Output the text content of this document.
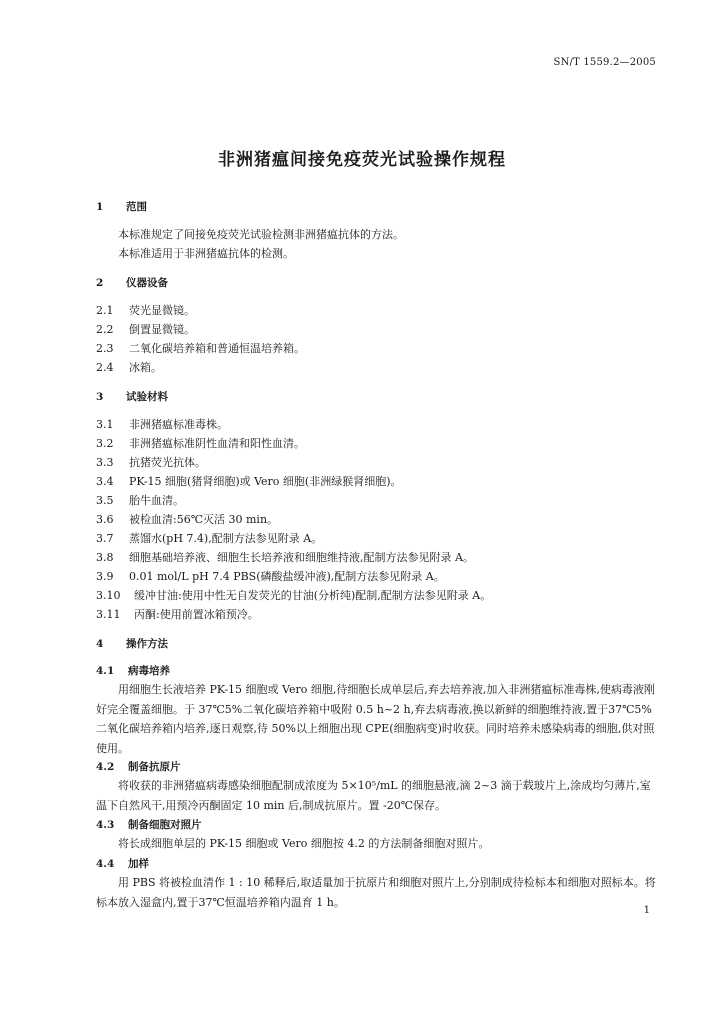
SN/T 1559.2—2005
非洲猪瘟间接免疫荧光试验操作规程
1 范围
本标准规定了间接免疫荧光试验检测非洲猪瘟抗体的方法。
本标准适用于非洲猪瘟抗体的检测。
2 仪器设备
2.1 荧光显微镜。
2.2 倒置显微镜。
2.3 二氧化碳培养箱和普通恒温培养箱。
2.4 冰箱。
3 试验材料
3.1 非洲猪瘟标准毒株。
3.2 非洲猪瘟标准阴性血清和阳性血清。
3.3 抗猪荧光抗体。
3.4 PK-15 细胞(猪肾细胞)或 Vero 细胞(非洲绿猴肾细胞)。
3.5 胎牛血清。
3.6 被检血清:56℃灭活 30 min。
3.7 蒸馏水(pH 7.4),配制方法参见附录 A。
3.8 细胞基础培养液、细胞生长培养液和细胞维持液,配制方法参见附录 A。
3.9 0.01 mol/L pH 7.4 PBS(磷酸盐缓冲液),配制方法参见附录 A。
3.10 缓冲甘油:使用中性无自发荧光的甘油(分析纯)配制,配制方法参见附录 A。
3.11 丙酮:使用前置冰箱预冷。
4 操作方法
4.1 病毒培养
用细胞生长液培养 PK-15 细胞或 Vero 细胞,待细胞长成单层后,弃去培养液,加入非洲猪瘟标准毒株,使病毒液刚好完全覆盖细胞。于 37℃5%二氧化碳培养箱中吸附 0.5 h~2 h,弃去病毒液,换以新鲜的细胞维持液,置于37℃5%二氧化碳培养箱内培养,逐日观察,待 50%以上细胞出现 CPE(细胞病变)时收获。同时培养未感染病毒的细胞,供对照使用。
4.2 制备抗原片
将收获的非洲猪瘟病毒感染细胞配制成浓度为 5×10⁵/mL 的细胞悬液,滴 2~3 滴于载玻片上,涂成均匀薄片,室温下自然风干,用预冷丙酮固定 10 min 后,制成抗原片。置 -20℃保存。
4.3 制备细胞对照片
将长成细胞单层的 PK-15 细胞或 Vero 细胞按 4.2 的方法制备细胞对照片。
4.4 加样
用 PBS 将被检血清作 1 : 10 稀释后,取适量加于抗原片和细胞对照片上,分别制成待检标本和细胞对照标本。将标本放入湿盒内,置于37℃恒温培养箱内温育 1 h。
1
